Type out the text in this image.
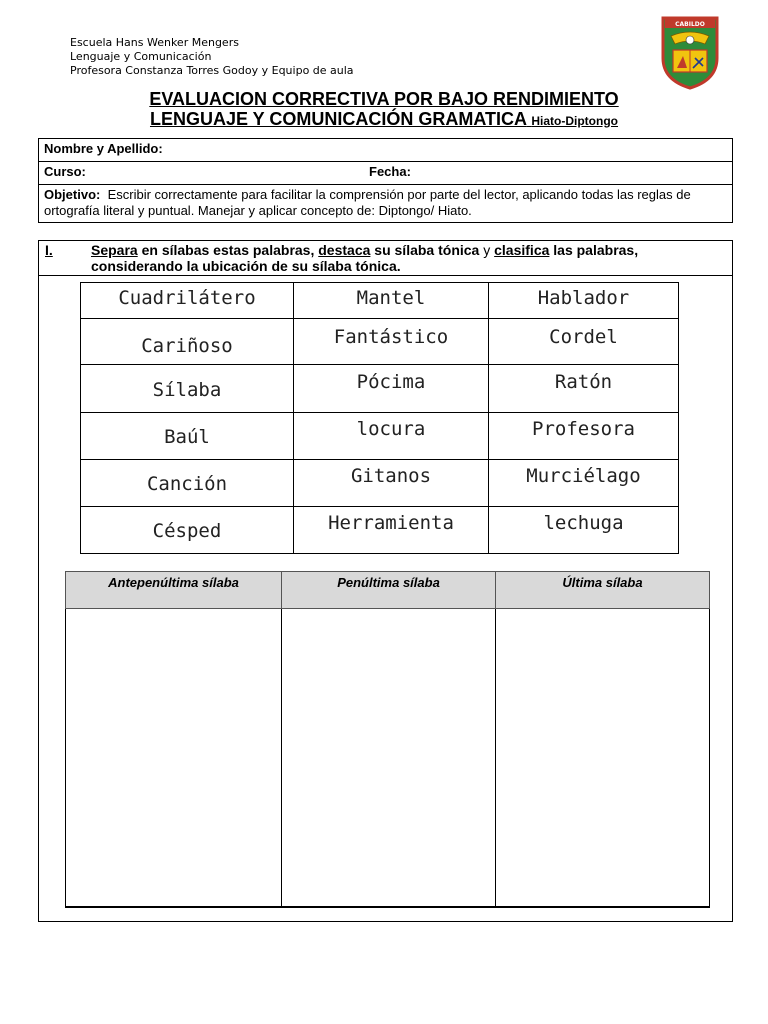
Escuela Hans Wenker Mengers
Lenguaje y Comunicación
Profesora Constanza Torres Godoy y Equipo de aula
CABILDO
EVALUACION CORRECTIVA POR BAJO RENDIMIENTO
LENGUAJE Y COMUNICACIÓN GRAMATICA Hiato-Diptongo
Nombre y Apellido:
Curso:	Fecha:
Objetivo: Escribir correctamente para facilitar la comprensión por parte del lector, aplicando todas las reglas de ortografía literal y puntual. Manejar y aplicar concepto de: Diptongo/ Hiato.
I.	Separa en sílabas estas palabras, destaca su sílaba tónica y clasifica las palabras, considerando la ubicación de su sílaba tónica.
Cuadrilátero	Mantel	Hablador

Cariñoso	Fantástico	Cordel

Sílaba	Pócima	Ratón

Baúl	locura	Profesora

Canción	Gitanos	Murciélago

Césped	Herramienta	lechuga
Antepenúltima sílaba	Penúltima sílaba	Última sílaba
